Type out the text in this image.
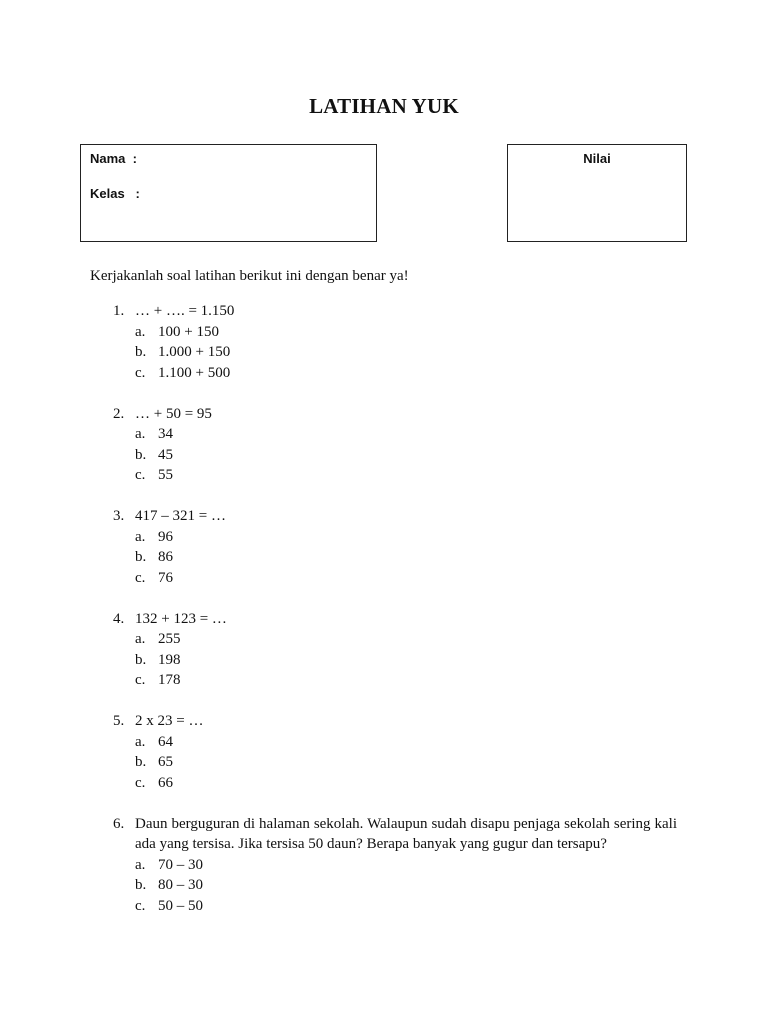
LATIHAN YUK
Nama  :
Kelas   :
Nilai
Kerjakanlah soal latihan berikut ini dengan benar ya!
1. … + …. = 1.150
a. 100 + 150
b. 1.000 + 150
c. 1.100 + 500
2. … + 50 = 95
a. 34
b. 45
c. 55
3. 417 – 321 = …
a. 96
b. 86
c. 76
4. 132 + 123 = …
a. 255
b. 198
c. 178
5. 2 x 23 = …
a. 64
b. 65
c. 66
6. Daun berguguran di halaman sekolah. Walaupun sudah disapu penjaga sekolah sering kali ada yang tersisa. Jika tersisa 50 daun? Berapa banyak yang gugur dan tersapu?
a. 70 – 30
b. 80 – 30
c. 50 – 50
